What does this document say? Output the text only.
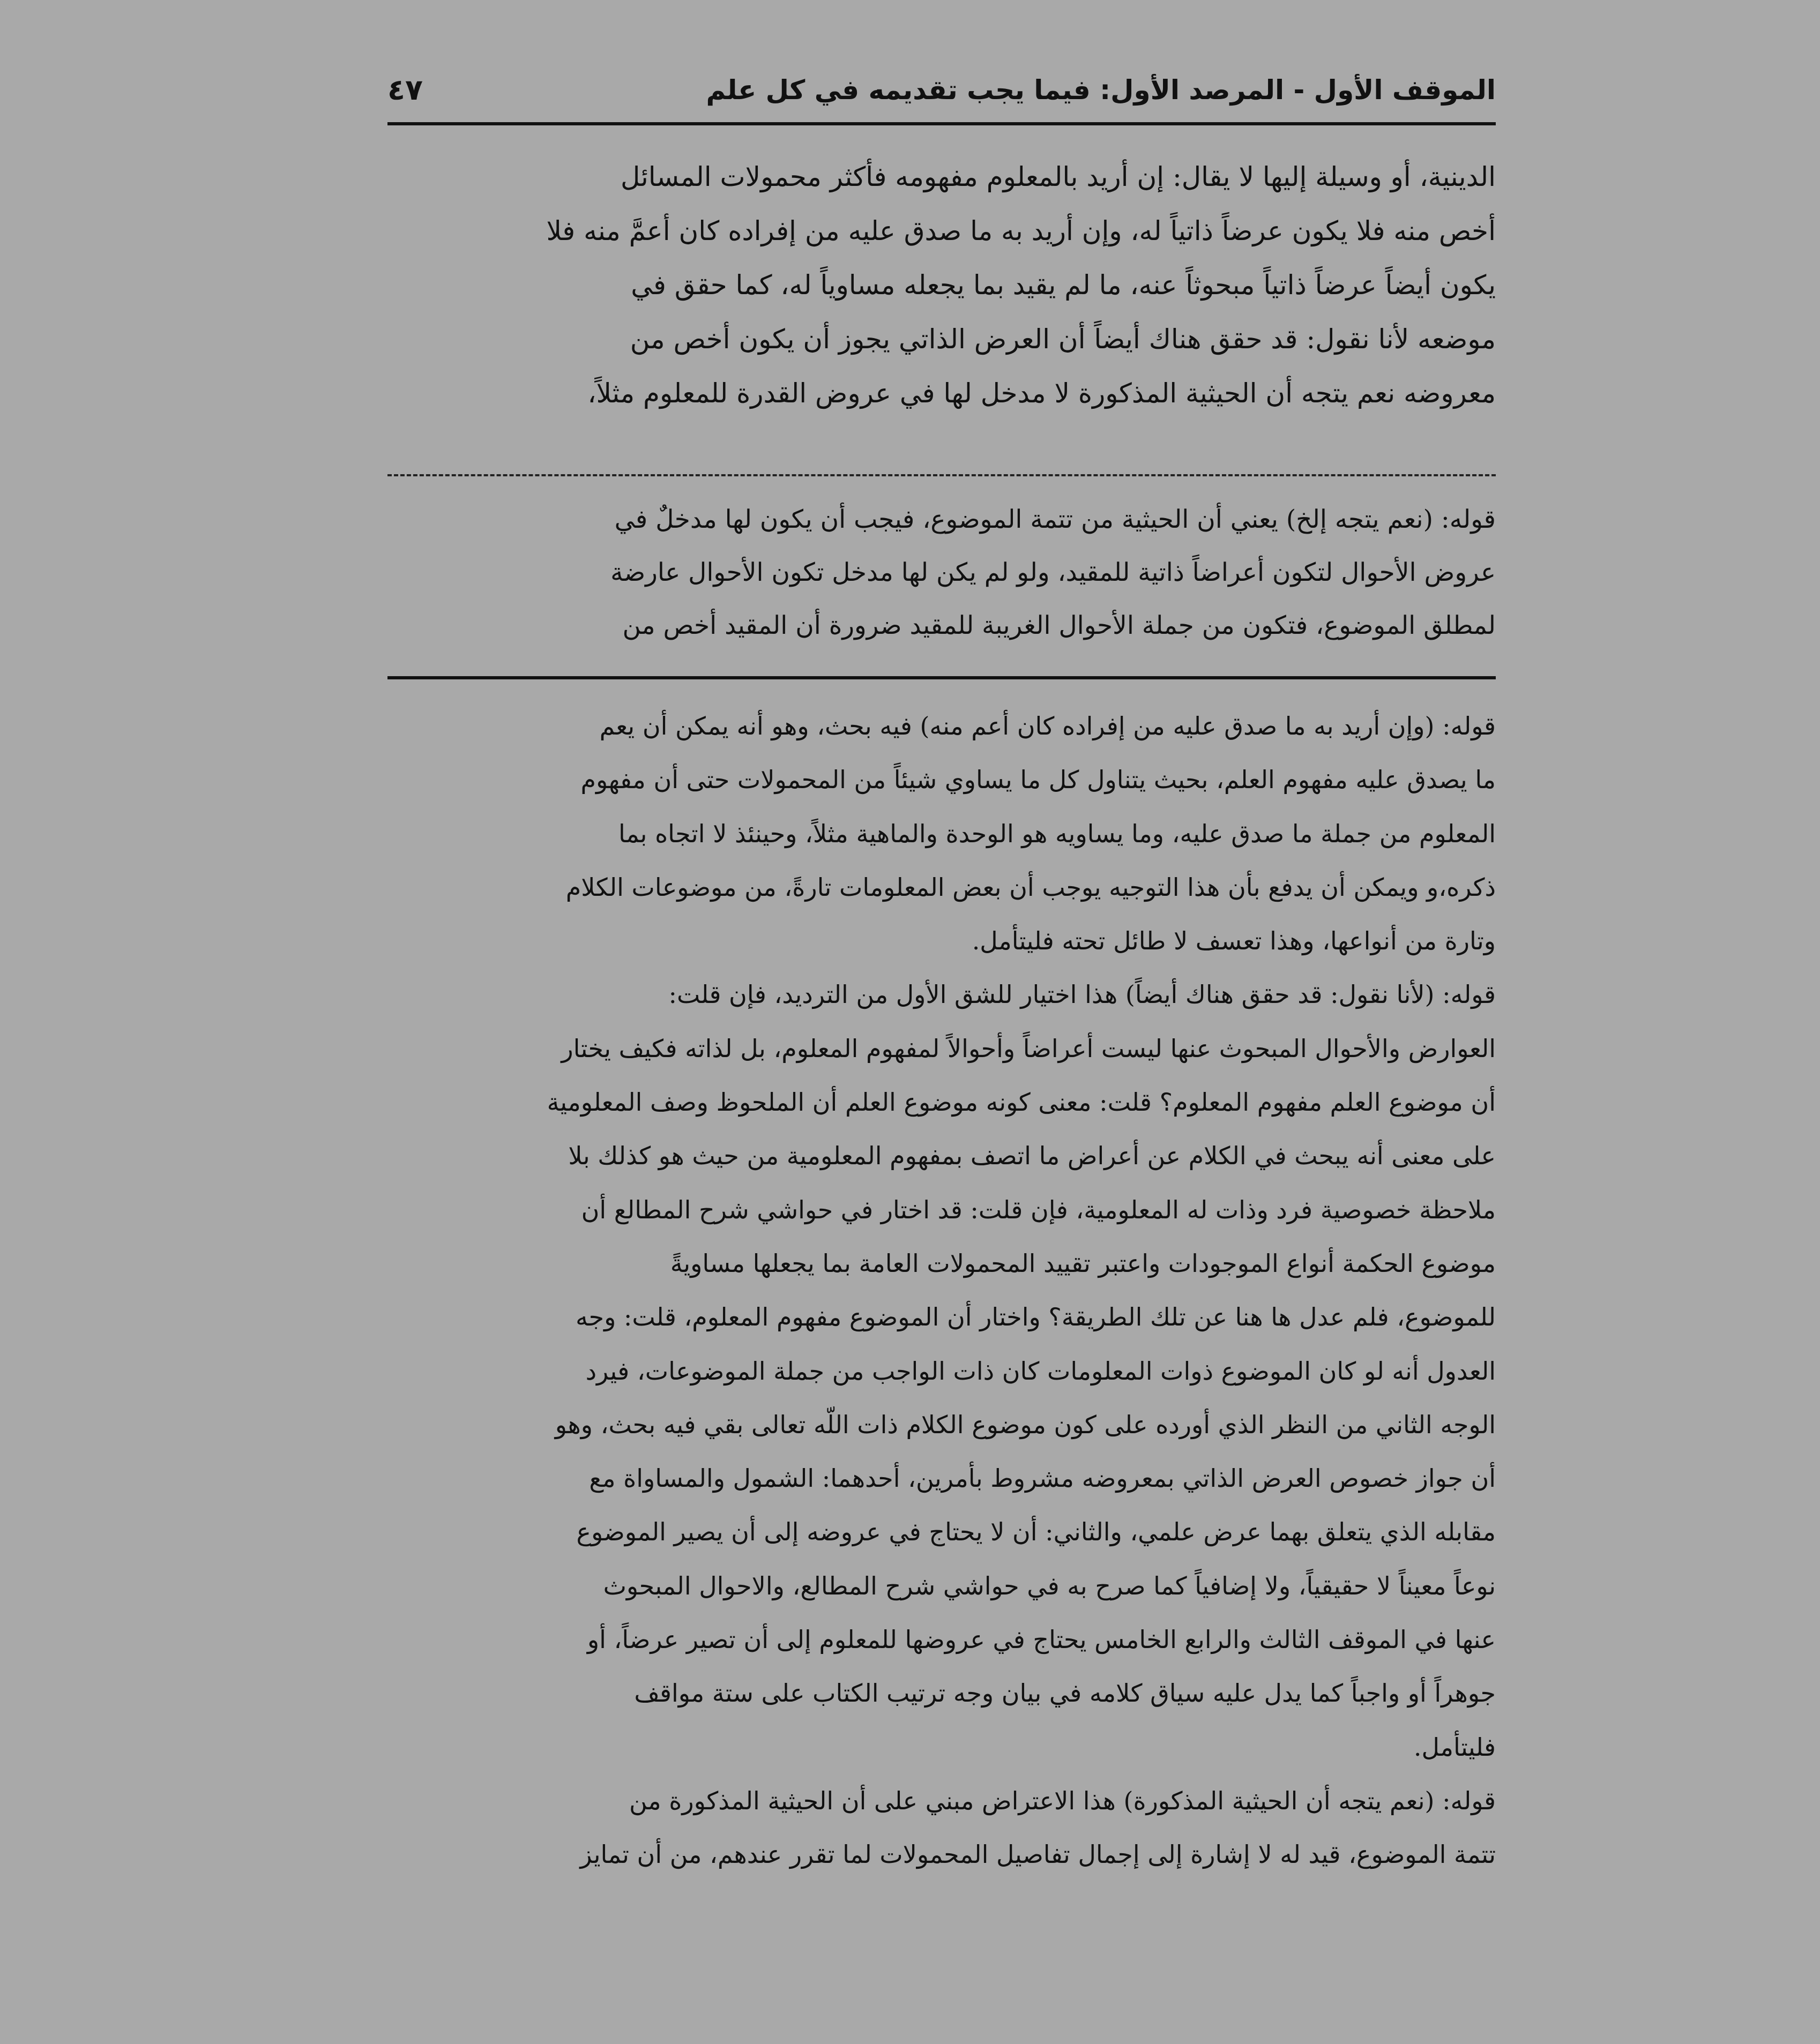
الموقف الأول - المرصد الأول: فيما يجب تقديمه في كل علم
٤٧
الدينية، أو وسيلة إليها لا يقال: إن أريد بالمعلوم مفهومه فأكثر محمولات المسائل
أخص منه فلا يكون عرضاً ذاتياً له، وإن أريد به ما صدق عليه من إفراده كان أعمَّ منه فلا
يكون أيضاً عرضاً ذاتياً مبحوثاً عنه، ما لم يقيد بما يجعله مساوياً له، كما حقق في
موضعه لأنا نقول: قد حقق هناك أيضاً أن العرض الذاتي يجوز أن يكون أخص من
معروضه نعم يتجه أن الحيثية المذكورة لا مدخل لها في عروض القدرة للمعلوم مثلاً،
قوله: (نعم يتجه إلخ) يعني أن الحيثية من تتمة الموضوع، فيجب أن يكون لها مدخلٌ في
عروض الأحوال لتكون أعراضاً ذاتية للمقيد، ولو لم يكن لها مدخل تكون الأحوال عارضة
لمطلق الموضوع، فتكون من جملة الأحوال الغريبة للمقيد ضرورة أن المقيد أخص من
قوله: (وإن أريد به ما صدق عليه من إفراده كان أعم منه) فيه بحث، وهو أنه يمكن أن يعم
ما يصدق عليه مفهوم العلم، بحيث يتناول كل ما يساوي شيئاً من المحمولات حتى أن مفهوم
المعلوم من جملة ما صدق عليه، وما يساويه هو الوحدة والماهية مثلاً، وحينئذ لا اتجاه بما
ذكره،و ويمكن أن يدفع بأن هذا التوجيه يوجب أن بعض المعلومات تارةً، من موضوعات الكلام
وتارة من أنواعها، وهذا تعسف لا طائل تحته فليتأمل.
قوله: (لأنا نقول: قد حقق هناك أيضاً) هذا اختيار للشق الأول من الترديد، فإن قلت:
العوارض والأحوال المبحوث عنها ليست أعراضاً وأحوالاً لمفهوم المعلوم، بل لذاته فكيف يختار
أن موضوع العلم مفهوم المعلوم؟ قلت: معنى كونه موضوع العلم أن الملحوظ وصف المعلومية
على معنى أنه يبحث في الكلام عن أعراض ما اتصف بمفهوم المعلومية من حيث هو كذلك بلا
ملاحظة خصوصية فرد وذات له المعلومية، فإن قلت: قد اختار في حواشي شرح المطالع أن
موضوع الحكمة أنواع الموجودات واعتبر تقييد المحمولات العامة بما يجعلها مساويةً
للموضوع، فلم عدل ها هنا عن تلك الطريقة؟ واختار أن الموضوع مفهوم المعلوم، قلت: وجه
العدول أنه لو كان الموضوع ذوات المعلومات كان ذات الواجب من جملة الموضوعات، فيرد
الوجه الثاني من النظر الذي أورده على كون موضوع الكلام ذات اللّه تعالى بقي فيه بحث، وهو
أن جواز خصوص العرض الذاتي بمعروضه مشروط بأمرين، أحدهما: الشمول والمساواة مع
مقابله الذي يتعلق بهما عرض علمي، والثاني: أن لا يحتاج في عروضه إلى أن يصير الموضوع
نوعاً معيناً لا حقيقياً، ولا إضافياً كما صرح به في حواشي شرح المطالع، والاحوال المبحوث
عنها في الموقف الثالث والرابع الخامس يحتاج في عروضها للمعلوم إلى أن تصير عرضاً، أو
جوهراً أو واجباً كما يدل عليه سياق كلامه في بيان وجه ترتيب الكتاب على ستة مواقف
فليتأمل.
قوله: (نعم يتجه أن الحيثية المذكورة) هذا الاعتراض مبني على أن الحيثية المذكورة من
تتمة الموضوع، قيد له لا إشارة إلى إجمال تفاصيل المحمولات لما تقرر عندهم، من أن تمايز
